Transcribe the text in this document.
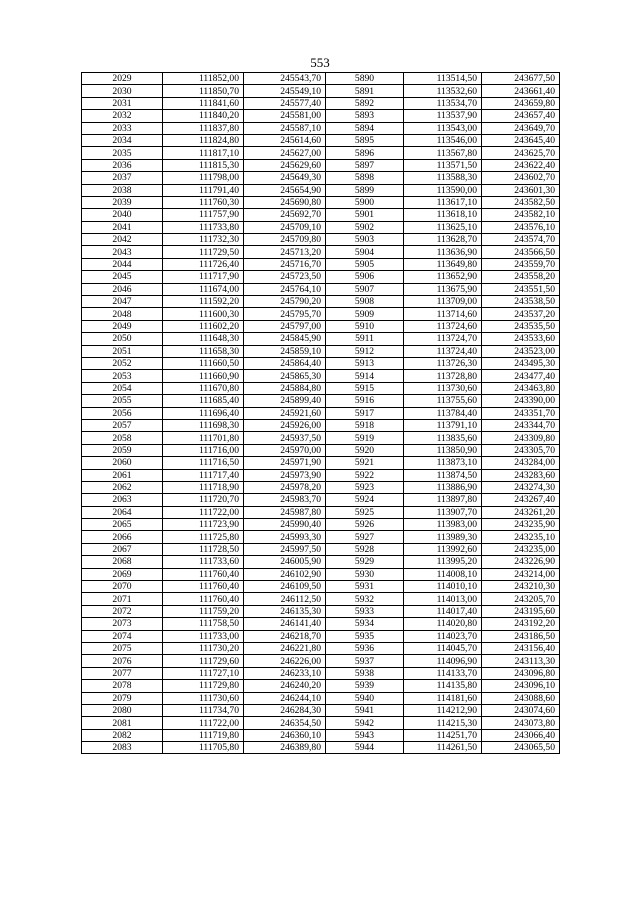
553
2029	111852,00	245543,70	5890	113514,50	243677,50
2030	111850,70	245549,10	5891	113532,60	243661,40
2031	111841,60	245577,40	5892	113534,70	243659,80
2032	111840,20	245581,00	5893	113537,90	243657,40
2033	111837,80	245587,10	5894	113543,00	243649,70
2034	111824,80	245614,60	5895	113546,00	243645,40
2035	111817,10	245627,00	5896	113567,80	243625,70
2036	111815,30	245629,60	5897	113571,50	243622,40
2037	111798,00	245649,30	5898	113588,30	243602,70
2038	111791,40	245654,90	5899	113590,00	243601,30
2039	111760,30	245690,80	5900	113617,10	243582,50
2040	111757,90	245692,70	5901	113618,10	243582,10
2041	111733,80	245709,10	5902	113625,10	243576,10
2042	111732,30	245709,80	5903	113628,70	243574,70
2043	111729,50	245713,20	5904	113636,90	243566,50
2044	111726,40	245716,70	5905	113649,80	243559,70
2045	111717,90	245723,50	5906	113652,90	243558,20
2046	111674,00	245764,10	5907	113675,90	243551,50
2047	111592,20	245790,20	5908	113709,00	243538,50
2048	111600,30	245795,70	5909	113714,60	243537,20
2049	111602,20	245797,00	5910	113724,60	243535,50
2050	111648,30	245845,90	5911	113724,70	243533,60
2051	111658,30	245859,10	5912	113724,40	243523,00
2052	111660,50	245864,40	5913	113726,30	243495,30
2053	111660,90	245865,30	5914	113728,80	243477,40
2054	111670,80	245884,80	5915	113730,60	243463,80
2055	111685,40	245899,40	5916	113755,60	243390,00
2056	111696,40	245921,60	5917	113784,40	243351,70
2057	111698,30	245926,00	5918	113791,10	243344,70
2058	111701,80	245937,50	5919	113835,60	243309,80
2059	111716,00	245970,00	5920	113850,90	243305,70
2060	111716,50	245971,90	5921	113873,10	243284,00
2061	111717,40	245973,90	5922	113874,50	243283,60
2062	111718,90	245978,20	5923	113886,90	243274,30
2063	111720,70	245983,70	5924	113897,80	243267,40
2064	111722,00	245987,80	5925	113907,70	243261,20
2065	111723,90	245990,40	5926	113983,00	243235,90
2066	111725,80	245993,30	5927	113989,30	243235,10
2067	111728,50	245997,50	5928	113992,60	243235,00
2068	111733,60	246005,90	5929	113995,20	243226,90
2069	111760,40	246102,90	5930	114008,10	243214,00
2070	111760,40	246109,50	5931	114010,10	243210,30
2071	111760,40	246112,50	5932	114013,00	243205,70
2072	111759,20	246135,30	5933	114017,40	243195,60
2073	111758,50	246141,40	5934	114020,80	243192,20
2074	111733,00	246218,70	5935	114023,70	243186,50
2075	111730,20	246221,80	5936	114045,70	243156,40
2076	111729,60	246226,00	5937	114096,90	243113,30
2077	111727,10	246233,10	5938	114133,70	243096,80
2078	111729,80	246240,20	5939	114135,80	243096,10
2079	111730,60	246244,10	5940	114181,60	243088,60
2080	111734,70	246284,30	5941	114212,90	243074,60
2081	111722,00	246354,50	5942	114215,30	243073,80
2082	111719,80	246360,10	5943	114251,70	243066,40
2083	111705,80	246389,80	5944	114261,50	243065,50
